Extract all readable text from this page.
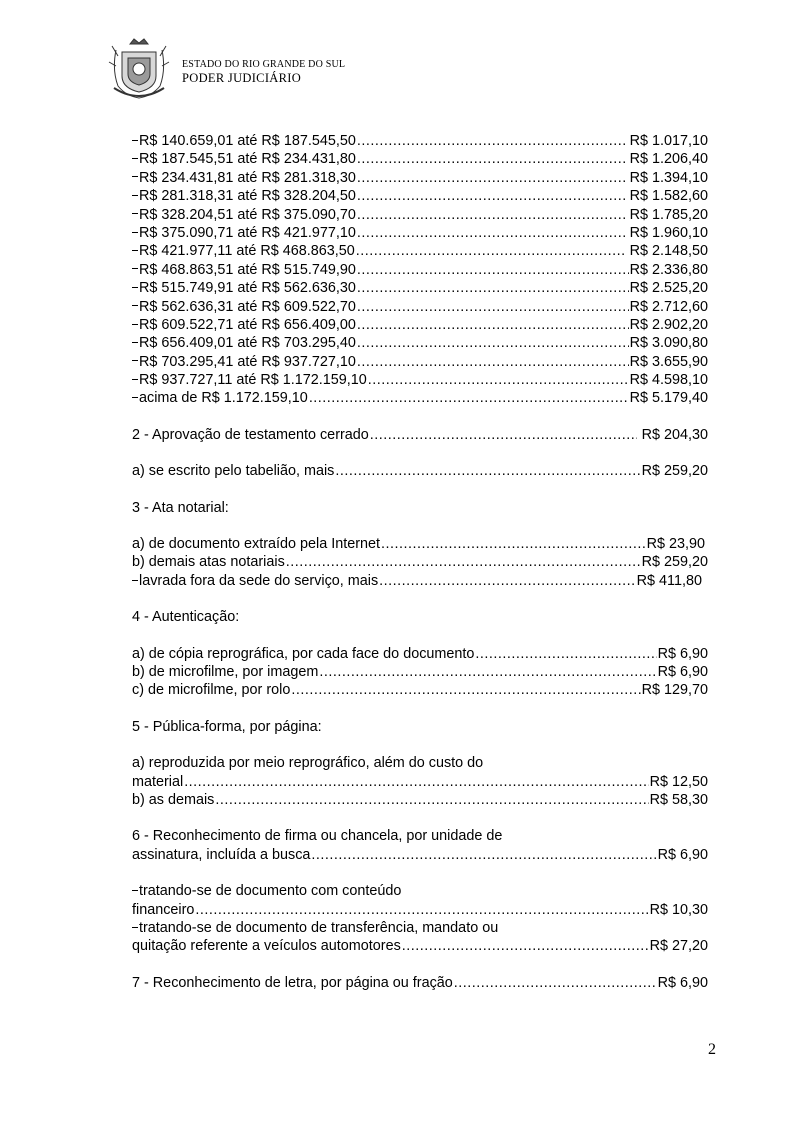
ESTADO DO RIO GRANDE DO SUL
PODER JUDICIÁRIO
R$ 140.659,01 até R$ 187.545,50 .....	R$ 1.017,10
R$ 187.545,51 até R$ 234.431,80 .....	R$ 1.206,40
R$ 234.431,81 até R$ 281.318,30 .....	R$ 1.394,10
R$ 281.318,31 até R$ 328.204,50 .....	R$ 1.582,60
R$ 328.204,51 até R$ 375.090,70 .....	R$ 1.785,20
R$ 375.090,71 até R$ 421.977,10 .....	R$ 1.960,10
R$ 421.977,11 até R$ 468.863,50 .....	R$ 2.148,50
R$ 468.863,51 até R$ 515.749,90 .....	R$ 2.336,80
R$ 515.749,91 até R$ 562.636,30 .....	R$ 2.525,20
R$ 562.636,31 até R$ 609.522,70 .....	R$ 2.712,60
R$ 609.522,71 até R$ 656.409,00 .....	R$ 2.902,20
R$ 656.409,01 até R$ 703.295,40 .....	R$ 3.090,80
R$ 703.295,41 até R$ 937.727,10 .....	R$ 3.655,90
R$ 937.727,11 até R$ 1.172.159,10 .....	R$ 4.598,10
acima de R$ 1.172.159,10 .....	R$ 5.179,40
2 - Aprovação de testamento cerrado .....	R$ 204,30
a) se escrito pelo tabelião, mais .....	R$ 259,20
3 - Ata notarial:
a) de documento extraído pela Internet .....	R$ 23,90
b) demais atas notariais .....	R$ 259,20
lavrada fora da sede do serviço, mais .....	R$ 411,80
4 - Autenticação:
a) de cópia reprográfica, por cada face do documento .....	R$ 6,90
b) de microfilme, por imagem .....	R$ 6,90
c) de microfilme, por rolo .....	R$ 129,70
5 - Pública-forma, por página:
a) reproduzida por meio reprográfico, além do custo do
material .....	R$ 12,50
b) as demais .....	R$ 58,30
6 - Reconhecimento de firma ou chancela, por unidade de
assinatura, incluída a busca .....	R$ 6,90
tratando-se de documento com conteúdo
financeiro .....	R$ 10,30
tratando-se de documento de transferência, mandato ou
quitação referente a veículos automotores .....	R$ 27,20
7 - Reconhecimento de letra, por página ou fração .....	R$ 6,90
2
